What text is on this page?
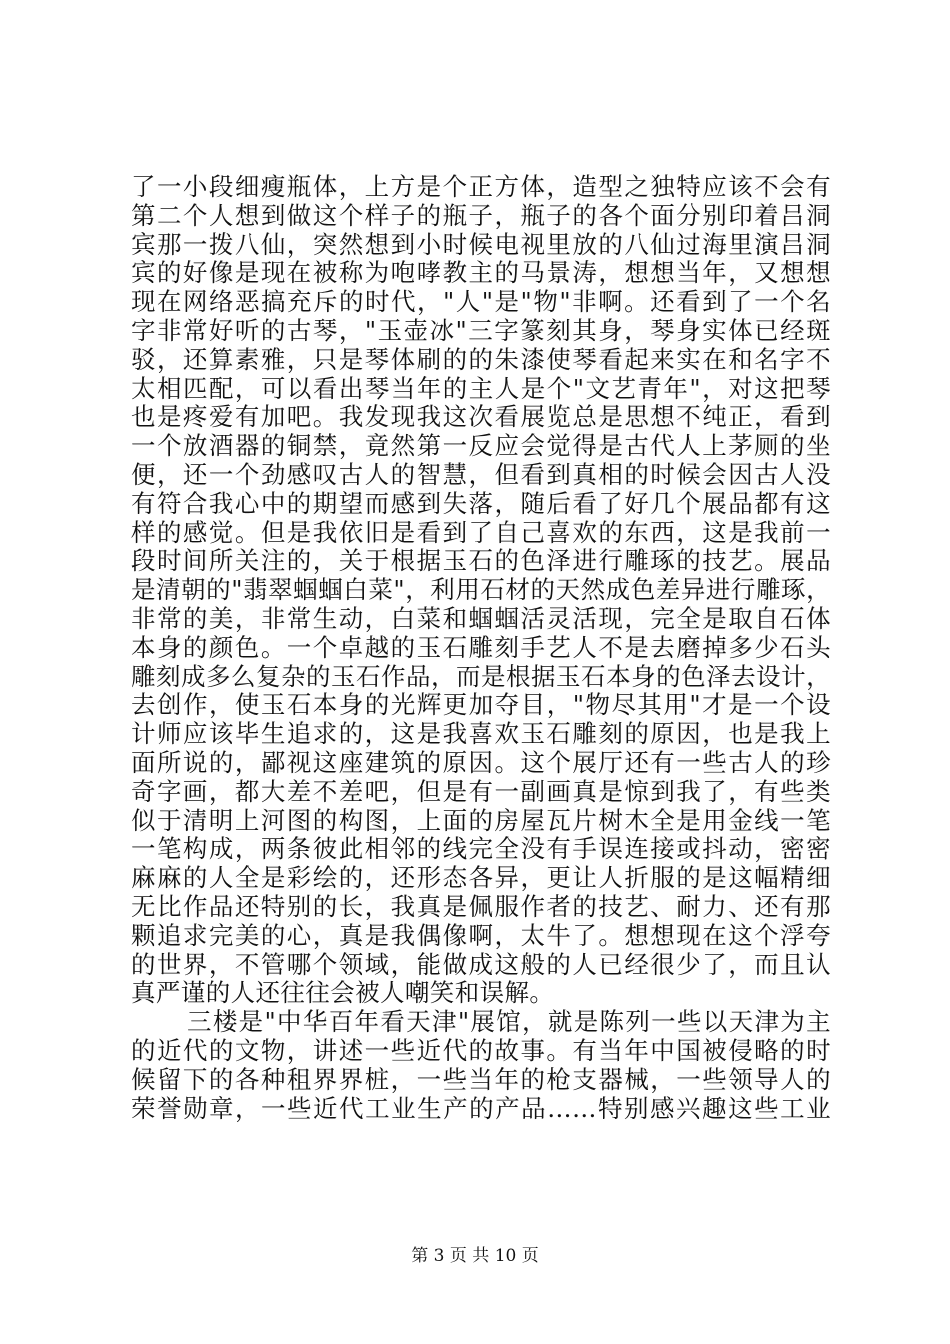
了一小段细瘦瓶体，上方是个正方体，造型之独特应该不会有
第二个人想到做这个样子的瓶子，瓶子的各个面分别印着吕洞
宾那一拨八仙，突然想到小时候电视里放的八仙过海里演吕洞
宾的好像是现在被称为咆哮教主的马景涛，想想当年，又想想
现在网络恶搞充斥的时代，"人"是"物"非啊。还看到了一个名
字非常好听的古琴，"玉壶冰"三字篆刻其身，琴身实体已经斑
驳，还算素雅，只是琴体刷的的朱漆使琴看起来实在和名字不
太相匹配，可以看出琴当年的主人是个"文艺青年"，对这把琴
也是疼爱有加吧。我发现我这次看展览总是思想不纯正，看到
一个放酒器的铜禁，竟然第一反应会觉得是古代人上茅厕的坐
便，还一个劲感叹古人的智慧，但看到真相的时候会因古人没
有符合我心中的期望而感到失落，随后看了好几个展品都有这
样的感觉。但是我依旧是看到了自己喜欢的东西，这是我前一
段时间所关注的，关于根据玉石的色泽进行雕琢的技艺。展品
是清朝的"翡翠蝈蝈白菜"，利用石材的天然成色差异进行雕琢，
非常的美，非常生动，白菜和蝈蝈活灵活现，完全是取自石体
本身的颜色。一个卓越的玉石雕刻手艺人不是去磨掉多少石头
雕刻成多么复杂的玉石作品，而是根据玉石本身的色泽去设计，
去创作，使玉石本身的光辉更加夺目，"物尽其用"才是一个设
计师应该毕生追求的，这是我喜欢玉石雕刻的原因，也是我上
面所说的，鄙视这座建筑的原因。这个展厅还有一些古人的珍
奇字画，都大差不差吧，但是有一副画真是惊到我了，有些类
似于清明上河图的构图，上面的房屋瓦片树木全是用金线一笔
一笔构成，两条彼此相邻的线完全没有手误连接或抖动，密密
麻麻的人全是彩绘的，还形态各异，更让人折服的是这幅精细
无比作品还特别的长，我真是佩服作者的技艺、耐力、还有那
颗追求完美的心，真是我偶像啊，太牛了。想想现在这个浮夸
的世界，不管哪个领域，能做成这般的人已经很少了，而且认
真严谨的人还往往会被人嘲笑和误解。
三楼是"中华百年看天津"展馆，就是陈列一些以天津为主
的近代的文物，讲述一些近代的故事。有当年中国被侵略的时
候留下的各种租界界桩，一些当年的枪支器械，一些领导人的
荣誉勋章，一些近代工业生产的产品……特别感兴趣这些工业
第 3 页 共 10 页
